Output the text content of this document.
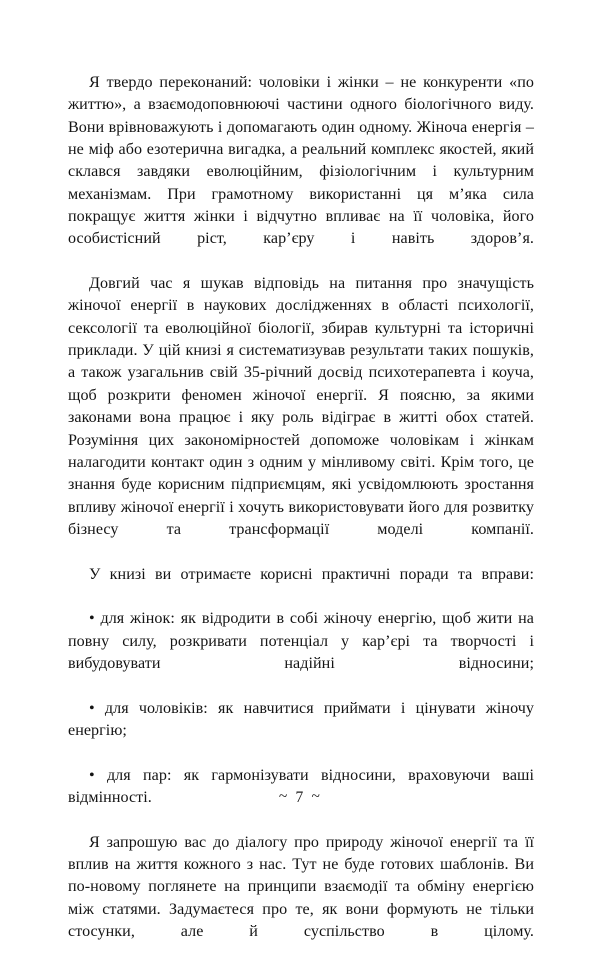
Я твердо переконаний: чоловіки і жінки – не конкуренти «по життю», а взаємодоповнюючі частини одного біологічного виду. Вони врівноважують і допомагають один одному. Жіноча енергія – не міф або езотерична вигадка, а реальний комплекс якостей, який склався завдяки еволюційним, фізіологічним і культурним механізмам. При грамотному використанні ця м’яка сила покращує життя жінки і відчутно впливає на її чоловіка, його особистісний ріст, кар’єру і навіть здоров’я.

Довгий час я шукав відповідь на питання про значущість жіночої енергії в наукових дослідженнях в області психології, сексології та еволюційної біології, збирав культурні та історичні приклади. У цій книзі я систематизував результати таких пошуків, а також узагальнив свій 35-річний досвід психотерапевта і коуча, щоб розкрити феномен жіночої енергії. Я поясню, за якими законами вона працює і яку роль відіграє в житті обох статей. Розуміння цих закономірностей допоможе чоловікам і жінкам налагодити контакт один з одним у мінливому світі. Крім того, це знання буде корисним підприємцям, які усвідомлюють зростання впливу жіночої енергії і хочуть використовувати його для розвитку бізнесу та трансформації моделі компанії.

У книзі ви отримаєте корисні практичні поради та вправи:

• для жінок: як відродити в собі жіночу енергію, щоб жити на повну силу, розкривати потенціал у кар’єрі та творчості і вибудовувати надійні відносини;

• для чоловіків: як навчитися приймати і цінувати жіночу енергію;

• для пар: як гармонізувати відносини, враховуючи ваші відмінності.

Я запрошую вас до діалогу про природу жіночої енергії та її вплив на життя кожного з нас. Тут не буде готових шаблонів. Ви по-новому поглянете на принципи взаємодії та обміну енергією між статями. Задумаєтеся про те, як вони формують не тільки стосунки, але й суспільство в цілому.

~ 7 ~
